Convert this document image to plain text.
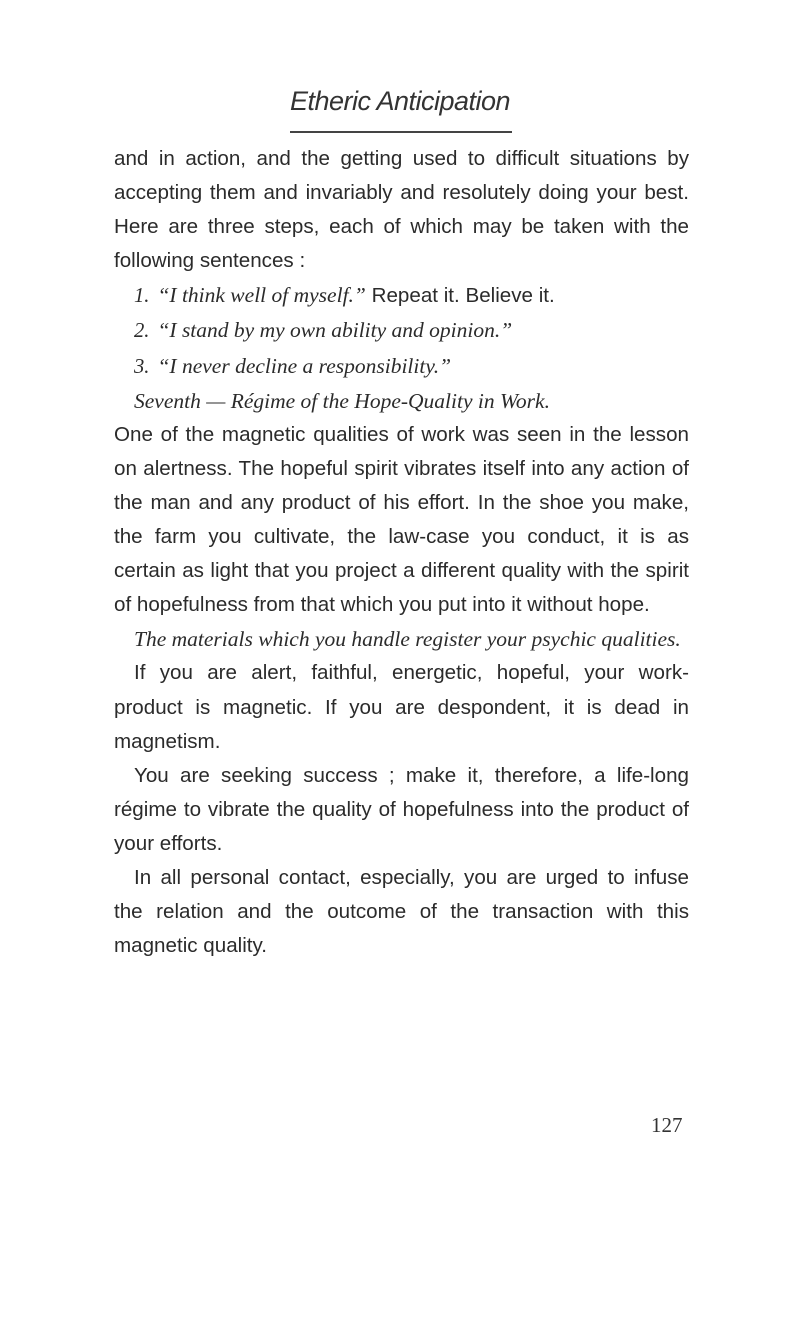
Etheric Anticipation

and in action, and the getting used to difficult situations by accepting them and invariably and resolutely doing your best. Here are three steps, each of which may be taken with the following sentences :

1. “I think well of myself.” Repeat it. Believe it.

2. “I stand by my own ability and opinion.”

3. “I never decline a responsibility.”

Seventh — Régime of the Hope-Quality in Work.

One of the magnetic qualities of work was seen in the lesson on alertness. The hopeful spirit vibrates itself into any action of the man and any product of his effort. In the shoe you make, the farm you cultivate, the law-case you conduct, it is as certain as light that you project a different quality with the spirit of hopefulness from that which you put into it without hope.

The materials which you handle register your psychic qualities.

If you are alert, faithful, energetic, hopeful, your work-product is magnetic. If you are despondent, it is dead in magnetism.

You are seeking success ; make it, therefore, a life-long régime to vibrate the quality of hopefulness into the product of your efforts.

In all personal contact, especially, you are urged to infuse the relation and the outcome of the transaction with this magnetic quality.

127
